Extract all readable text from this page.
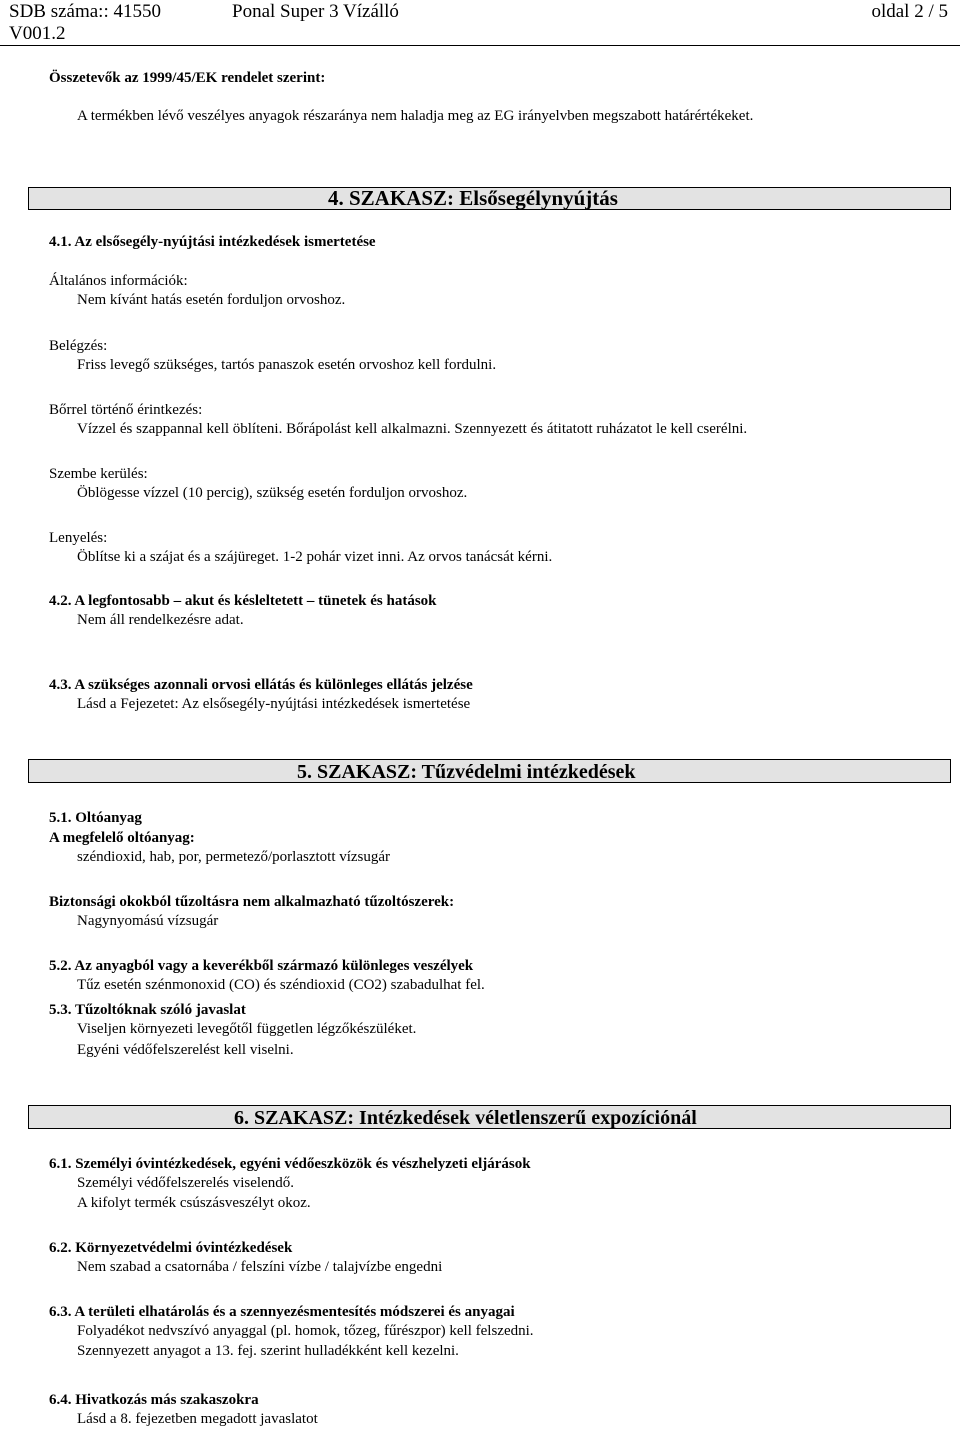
SDB száma:: 41550
V001.2
Ponal Super 3 Vízálló	oldal 2 / 5
Összetevők az 1999/45/EK rendelet szerint:
A termékben lévő veszélyes anyagok részaránya nem haladja meg az EG irányelvben megszabott határértékeket.
4. SZAKASZ: Elsősegélynyújtás
4.1. Az elsősegély-nyújtási intézkedések ismertetése
Általános információk:
Nem kívánt hatás esetén forduljon orvoshoz.
Belégzés:
Friss levegő szükséges, tartós panaszok esetén orvoshoz kell fordulni.
Bőrrel történő érintkezés:
Vízzel és szappannal kell öblíteni. Bőrápolást kell alkalmazni. Szennyezett és átitatott ruházatot le kell cserélni.
Szembe kerülés:
Öblögesse vízzel (10 percig), szükség esetén forduljon orvoshoz.
Lenyelés:
Öblítse ki a szájat és a szájüreget. 1-2 pohár vizet inni. Az orvos tanácsát kérni.
4.2. A legfontosabb – akut és késleltetett – tünetek és hatások
Nem áll rendelkezésre adat.
4.3. A szükséges azonnali orvosi ellátás és különleges ellátás jelzése
Lásd a Fejezetet: Az elsősegély-nyújtási intézkedések ismertetése
5. SZAKASZ: Tűzvédelmi intézkedések
5.1. Oltóanyag
A megfelelő oltóanyag:
széndioxid, hab, por, permetező/porlasztott vízsugár
Biztonsági okokból tűzoltásra nem alkalmazható tűzoltószerek:
Nagynyomású vízsugár
5.2. Az anyagból vagy a keverékből származó különleges veszélyek
Tűz esetén szénmonoxid (CO) és széndioxid (CO2) szabadulhat fel.
5.3. Tűzoltóknak szóló javaslat
Viseljen környezeti levegőtől független légzőkészüléket.
Egyéni védőfelszerelést kell viselni.
6. SZAKASZ: Intézkedések véletlenszerű expozíciónál
6.1. Személyi óvintézkedések, egyéni védőeszközök és vészhelyzeti eljárások
Személyi védőfelszerelés viselendő.
A kifolyt termék csúszásveszélyt okoz.
6.2. Környezetvédelmi óvintézkedések
Nem szabad a csatornába / felszíni vízbe / talajvízbe engedni
6.3. A területi elhatárolás és a szennyezésmentesítés módszerei és anyagai
Folyadékot nedvszívó anyaggal (pl. homok, tőzeg, fűrészpor) kell felszedni.
Szennyezett anyagot a 13. fej. szerint hulladékként kell kezelni.
6.4. Hivatkozás más szakaszokra
Lásd a 8. fejezetben megadott javaslatot
